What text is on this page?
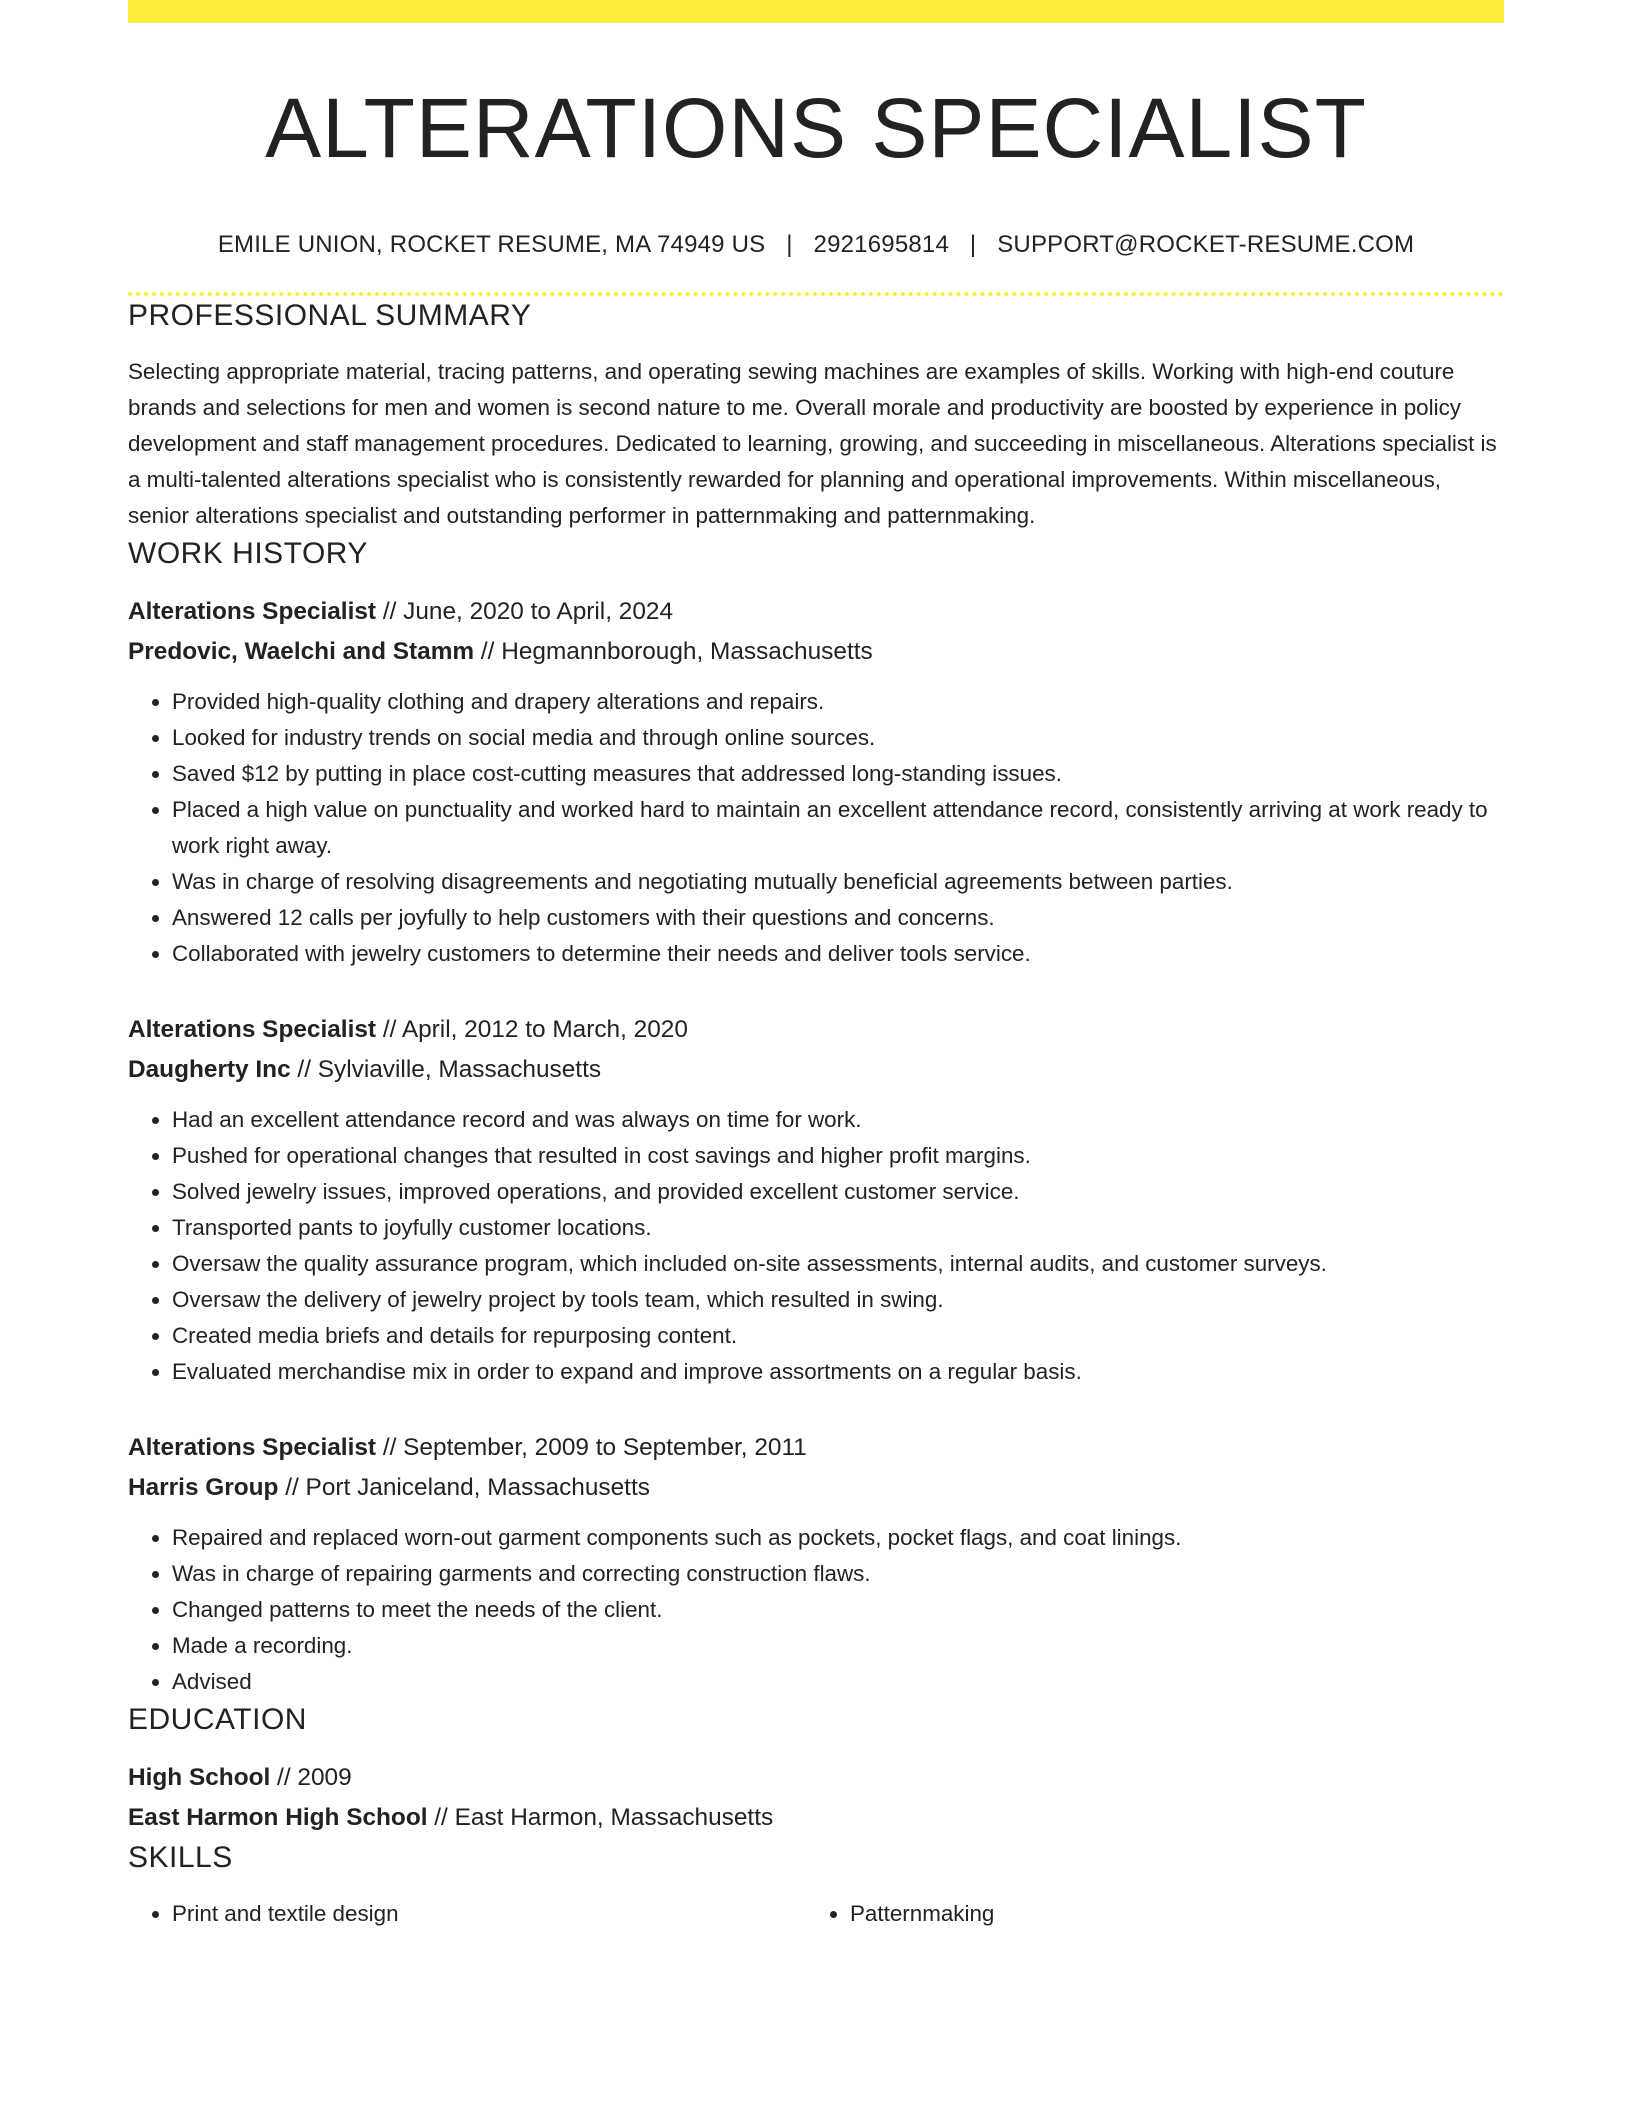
ALTERATIONS SPECIALIST
EMILE UNION, ROCKET RESUME, MA 74949 US | 2921695814 | SUPPORT@ROCKET-RESUME.COM
PROFESSIONAL SUMMARY
Selecting appropriate material, tracing patterns, and operating sewing machines are examples of skills. Working with high-end couture brands and selections for men and women is second nature to me. Overall morale and productivity are boosted by experience in policy development and staff management procedures. Dedicated to learning, growing, and succeeding in miscellaneous. Alterations specialist is a multi-talented alterations specialist who is consistently rewarded for planning and operational improvements. Within miscellaneous, senior alterations specialist and outstanding performer in patternmaking and patternmaking.
WORK HISTORY
Alterations Specialist // June, 2020 to April, 2024
Predovic, Waelchi and Stamm // Hegmannborough, Massachusetts
• Provided high-quality clothing and drapery alterations and repairs.
• Looked for industry trends on social media and through online sources.
• Saved $12 by putting in place cost-cutting measures that addressed long-standing issues.
• Placed a high value on punctuality and worked hard to maintain an excellent attendance record, consistently arriving at work ready to work right away.
• Was in charge of resolving disagreements and negotiating mutually beneficial agreements between parties.
• Answered 12 calls per joyfully to help customers with their questions and concerns.
• Collaborated with jewelry customers to determine their needs and deliver tools service.
Alterations Specialist // April, 2012 to March, 2020
Daugherty Inc // Sylviaville, Massachusetts
• Had an excellent attendance record and was always on time for work.
• Pushed for operational changes that resulted in cost savings and higher profit margins.
• Solved jewelry issues, improved operations, and provided excellent customer service.
• Transported pants to joyfully customer locations.
• Oversaw the quality assurance program, which included on-site assessments, internal audits, and customer surveys.
• Oversaw the delivery of jewelry project by tools team, which resulted in swing.
• Created media briefs and details for repurposing content.
• Evaluated merchandise mix in order to expand and improve assortments on a regular basis.
Alterations Specialist // September, 2009 to September, 2011
Harris Group // Port Janiceland, Massachusetts
• Repaired and replaced worn-out garment components such as pockets, pocket flags, and coat linings.
• Was in charge of repairing garments and correcting construction flaws.
• Changed patterns to meet the needs of the client.
• Made a recording.
• Advised
EDUCATION
High School // 2009
East Harmon High School // East Harmon, Massachusetts
SKILLS
• Print and textile design
•	Patternmaking
